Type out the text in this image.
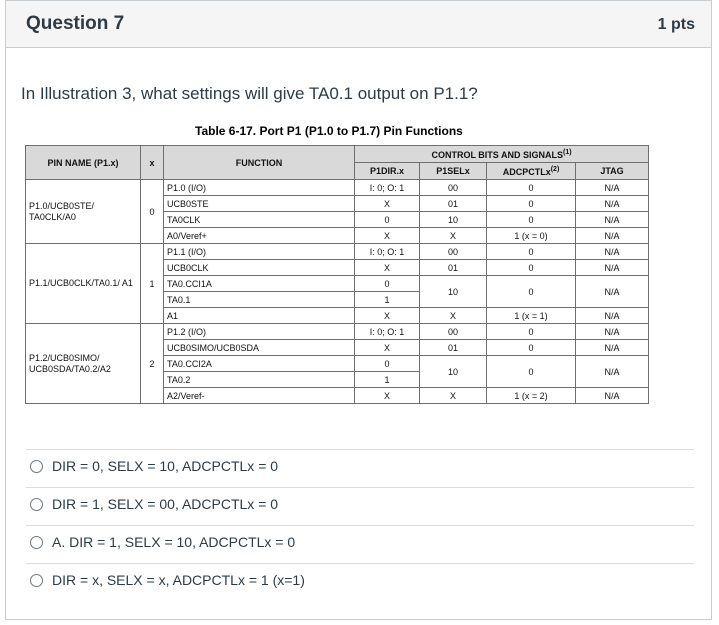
Question 7	1 pts
In Illustration 3, what settings will give TA0.1 output on P1.1?
Table 6-17. Port P1 (P1.0 to P1.7) Pin Functions
PIN NAME (P1.x)	x	FUNCTION	CONTROL BITS AND SIGNALS$^{(1)}$
			P1DIR.x	P1SELx	ADCPCTLx$^{(2)}$	JTAG
P1.0/UCB0STE/ TA0CLK/A0	0	P1.0 (I/O)	I: 0; O: 1	00	0	N/A
		UCB0STE	X	01	0	N/A
		TA0CLK	0	10	0	N/A
		A0/Veref+	X	X	1 (x = 0)	N/A
P1.1/UCB0CLK/TA0.1/ A1	1	P1.1 (I/O)	I: 0; O: 1	00	0	N/A
		UCB0CLK	X	01	0	N/A
		TA0.CCI1A	0	10	0	N/A
		TA0.1	1			
		A1	X	X	1 (x = 1)	N/A
P1.2/UCB0SIMO/ UCB0SDA/TA0.2/A2	2	P1.2 (I/O)	I: 0; O: 1	00	0	N/A
		UCB0SIMO/UCB0SDA	X	01	0	N/A
		TA0.CCI2A	0	10	0	N/A
		TA0.2	1			
		A2/Veref-	X	X	1 (x = 2)	N/A
DIR = 0, SELX = 10, ADCPCTLx = 0
DIR = 1, SELX = 00, ADCPCTLx = 0
A. DIR = 1, SELX = 10, ADCPCTLx = 0
DIR = x, SELX = x, ADCPCTLx = 1 (x=1)
